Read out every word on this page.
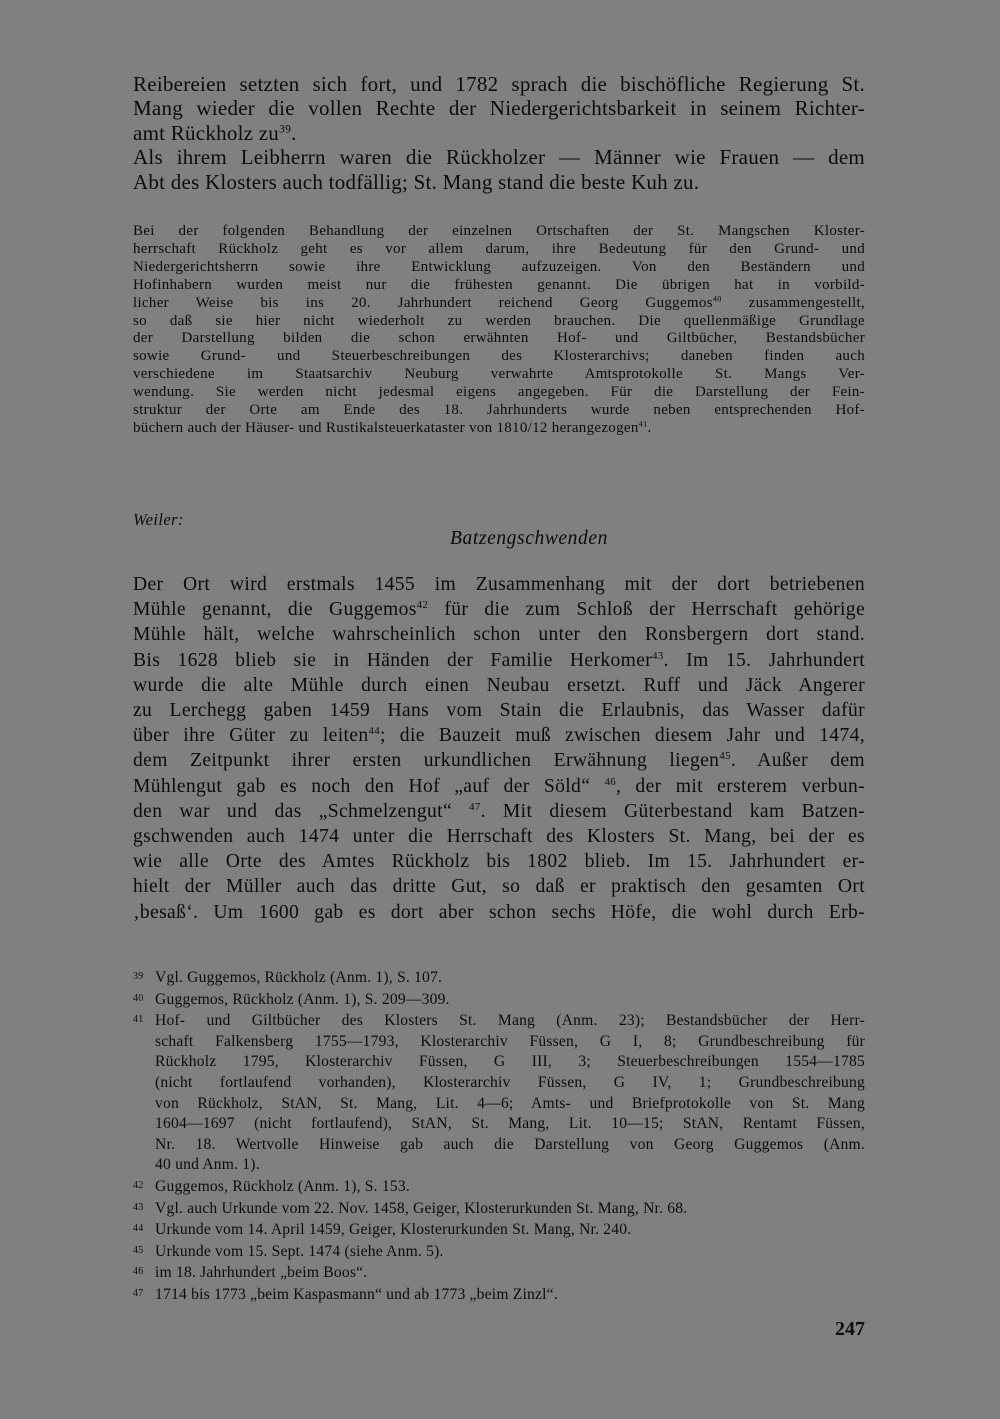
Reibereien setzten sich fort, und 1782 sprach die bischöfliche Regierung St.
Mang wieder die vollen Rechte der Niedergerichtsbarkeit in seinem Richter-
amt Rückholz $zu^{39}$.
Als ihrem Leibherrn waren die Rückholzer — Männer wie Frauen — dem
Abt des Klosters auch todfällig; St. Mang stand die beste Kuh zu.
Bei der folgenden Behandlung der einzelnen Ortschaften der St. Mangschen Kloster-
herrschaft Rückholz geht es vor allem darum, ihre Bedeutung für den Grund- und
Niedergerichtsherrn sowie ihre Entwicklung aufzuzeigen. Von den Beständern und
Hofinhabern wurden meist nur die frühesten genannt. Die übrigen hat in vorbild-
licher Weise bis ins 20. Jahrhundert reichend Georg Guggemos$^{40}$ zusammengestellt,
so daß sie hier nicht wiederholt zu werden brauchen. Die quellenmäßige Grundlage
der Darstellung bilden die schon erwähnten Hof- und Giltbücher, Bestandsbücher
sowie Grund- und Steuerbeschreibungen des Klosterarchivs; daneben finden auch
verschiedene im Staatsarchiv Neuburg verwahrte Amtsprotokolle St. Mangs Ver-
wendung. Sie werden nicht jedesmal eigens angegeben. Für die Darstellung der Fein-
struktur der Orte am Ende des 18. Jahrhunderts wurde neben entsprechenden Hof-
büchern auch der Häuser- und Rustikalsteuerkataster von 1810/12 herangezogen$^{41}$.
Weiler:
Batzengschwenden
Der Ort wird erstmals 1455 im Zusammenhang mit der dort betriebenen
Mühle genannt, die Guggemos$^{42}$ für die zum Schloß der Herrschaft gehörige
Mühle hält, welche wahrscheinlich schon unter den Ronsbergern dort stand.
Bis 1628 blieb sie in Händen der Familie Herkomer$^{43}$. Im 15. Jahrhundert
wurde die alte Mühle durch einen Neubau ersetzt. Ruff und Jäck Angerer
zu Lerchegg gaben 1459 Hans vom Stain die Erlaubnis, das Wasser dafür
über ihre Güter zu leiten$^{44}$; die Bauzeit muß zwischen diesem Jahr und 1474,
dem Zeitpunkt ihrer ersten urkundlichen Erwähnung liegen$^{45}$. Außer dem
Mühlengut gab es noch den Hof „auf der Söld“ $^{46}$, der mit ersterem verbun-
den war und das „Schmelzengut“ $^{47}$. Mit diesem Güterbestand kam Batzen-
gschwenden auch 1474 unter die Herrschaft des Klosters St. Mang, bei der es
wie alle Orte des Amtes Rückholz bis 1802 blieb. Im 15. Jahrhundert er-
hielt der Müller auch das dritte Gut, so daß er praktisch den gesamten Ort
‚besaß‘. Um 1600 gab es dort aber schon sechs Höfe, die wohl durch Erb-
39 Vgl. Guggemos, Rückholz (Anm. 1), S. 107.
40 Guggemos, Rückholz (Anm. 1), S. 209—309.
41 Hof- und Giltbücher des Klosters St. Mang (Anm. 23); Bestandsbücher der Herr-
schaft Falkensberg 1755—1793, Klosterarchiv Füssen, G I, 8; Grundbeschreibung für
Rückholz 1795, Klosterarchiv Füssen, G III, 3; Steuerbeschreibungen 1554—1785
(nicht fortlaufend vorhanden), Klosterarchiv Füssen, G IV, 1; Grundbeschreibung
von Rückholz, StAN, St. Mang, Lit. 4—6; Amts- und Briefprotokolle von St. Mang
1604—1697 (nicht fortlaufend), StAN, St. Mang, Lit. 10—15; StAN, Rentamt Füssen,
Nr. 18. Wertvolle Hinweise gab auch die Darstellung von Georg Guggemos (Anm.
40 und Anm. 1).
42 Guggemos, Rückholz (Anm. 1), S. 153.
43 Vgl. auch Urkunde vom 22. Nov. 1458, Geiger, Klosterurkunden St. Mang, Nr. 68.
44 Urkunde vom 14. April 1459, Geiger, Klosterurkunden St. Mang, Nr. 240.
45 Urkunde vom 15. Sept. 1474 (siehe Anm. 5).
46 im 18. Jahrhundert „beim Boos“.
47 1714 bis 1773 „beim Kaspasmann“ und ab 1773 „beim Zinzl“.
247
